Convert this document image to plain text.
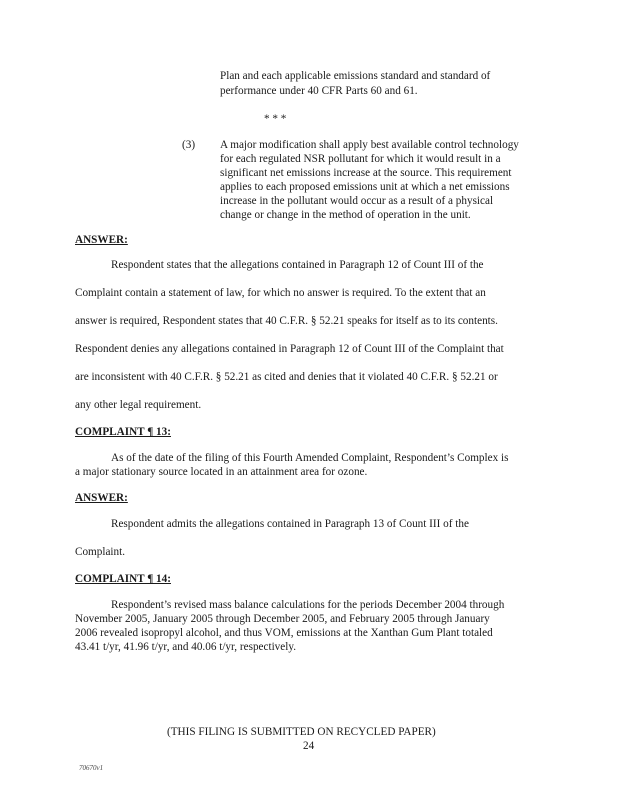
Plan and each applicable emissions standard and standard of
performance under 40 CFR Parts 60 and 61.
* * *
(3) A major modification shall apply best available control technology
for each regulated NSR pollutant for which it would result in a
significant net emissions increase at the source. This requirement
applies to each proposed emissions unit at which a net emissions
increase in the pollutant would occur as a result of a physical
change or change in the method of operation in the unit.
ANSWER:
Respondent states that the allegations contained in Paragraph 12 of Count III of the
Complaint contain a statement of law, for which no answer is required. To the extent that an
answer is required, Respondent states that 40 C.F.R. § 52.21 speaks for itself as to its contents.
Respondent denies any allegations contained in Paragraph 12 of Count III of the Complaint that
are inconsistent with 40 C.F.R. § 52.21 as cited and denies that it violated 40 C.F.R. § 52.21 or
any other legal requirement.
COMPLAINT ¶ 13:
As of the date of the filing of this Fourth Amended Complaint, Respondent’s Complex is
a major stationary source located in an attainment area for ozone.
ANSWER:
Respondent admits the allegations contained in Paragraph 13 of Count III of the
Complaint.
COMPLAINT ¶ 14:
Respondent’s revised mass balance calculations for the periods December 2004 through
November 2005, January 2005 through December 2005, and February 2005 through January
2006 revealed isopropyl alcohol, and thus VOM, emissions at the Xanthan Gum Plant totaled
43.41 t/yr, 41.96 t/yr, and 40.06 t/yr, respectively.
(THIS FILING IS SUBMITTED ON RECYCLED PAPER)
24
70670v1
